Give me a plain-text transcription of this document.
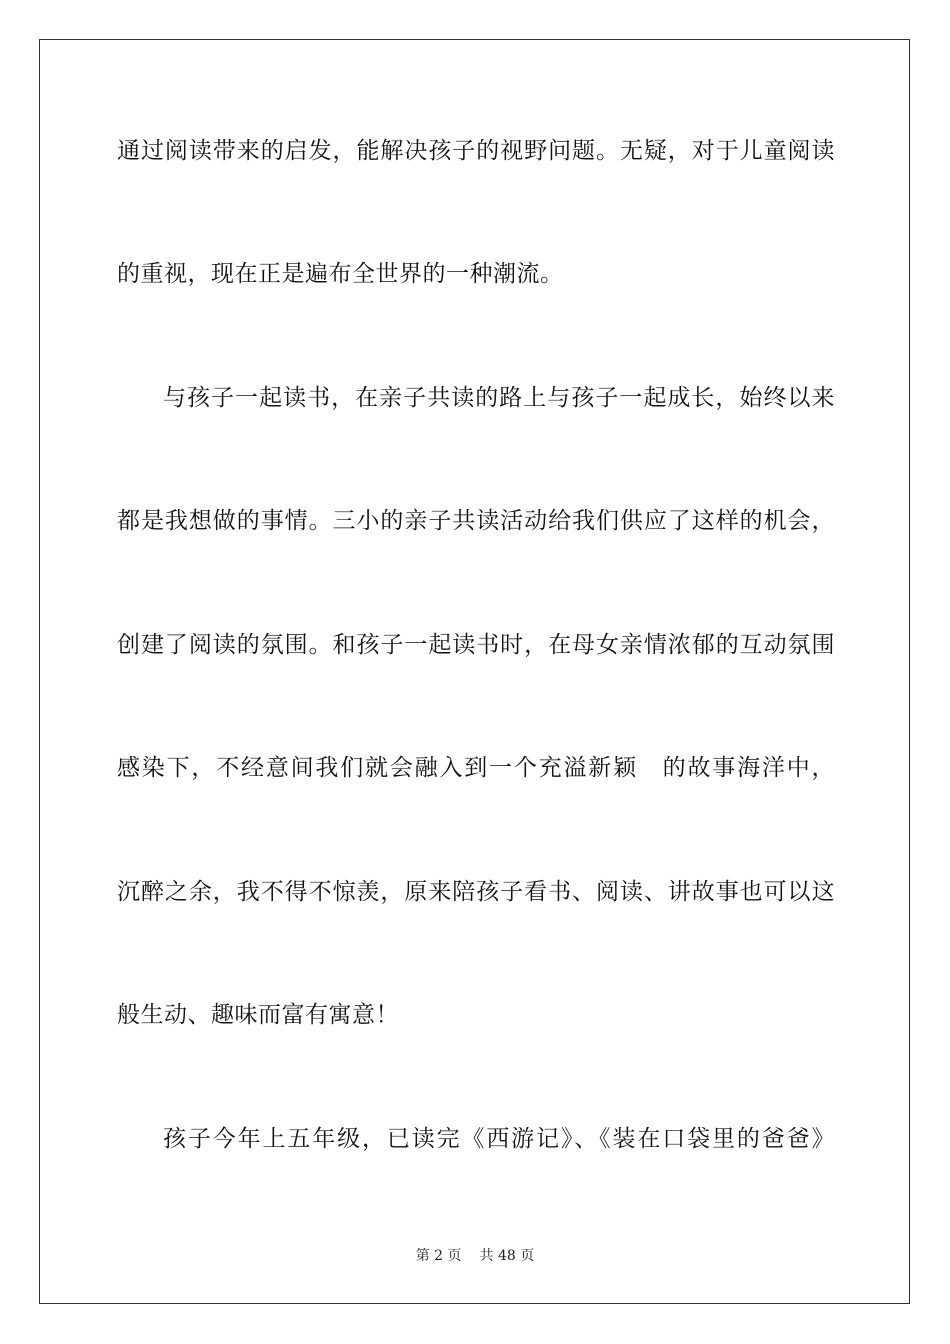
通过阅读带来的启发，能解决孩子的视野问题。无疑，对于儿童阅读
的重视，现在正是遍布全世界的一种潮流。
与孩子一起读书，在亲子共读的路上与孩子一起成长，始终以来
都是我想做的事情。三小的亲子共读活动给我们供应了这样的机会，
创建了阅读的氛围。和孩子一起读书时，在母女亲情浓郁的互动氛围
感染下，不经意间我们就会融入到一个充溢新颖　的故事海洋中，
沉醉之余，我不得不惊羡，原来陪孩子看书、阅读、讲故事也可以这
般生动、趣味而富有寓意！
孩子今年上五年级，已读完《西游记》、《装在口袋里的爸爸》
第 2 页 共 48 页
